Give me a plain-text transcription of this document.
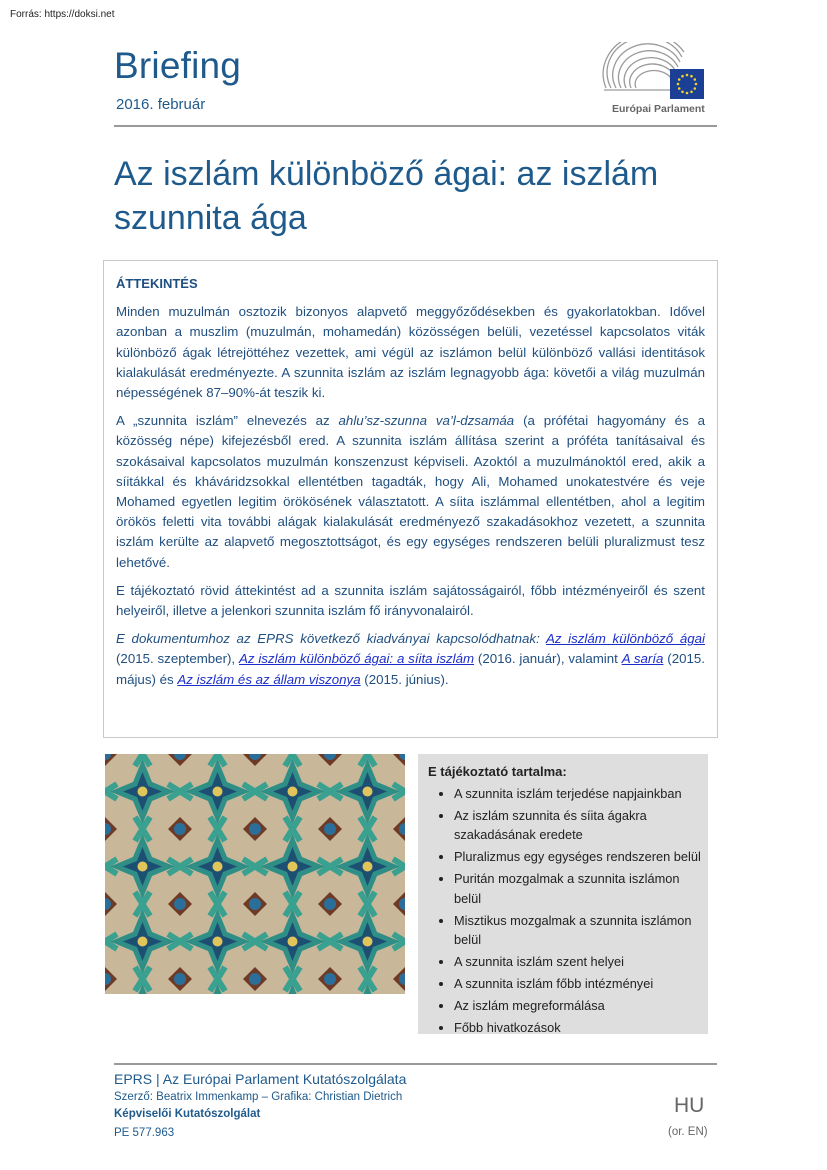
Forrás: https://doksi.net
Briefing
2016. február	Európai Parlament
Az iszlám különböző ágai: az iszlám szunnita ága
ÁTTEKINTÉS

Minden muzulmán osztozik bizonyos alapvető meggyőződésekben és gyakorlatokban. Idővel azonban a muszlim (muzulmán, mohamedán) közösségen belüli, vezetéssel kapcsolatos viták különböző ágak létrejöttéhez vezettek, ami végül az iszlámon belül különböző vallási identitások kialakulását eredményezte. A szunnita iszlám az iszlám legnagyobb ága: követői a világ muzulmán népességének 87–90%-át teszik ki.

A „szunnita iszlám” elnevezés az ahlu’sz-szunna va’l-dzsamáa (a prófétai hagyomány és a közösség népe) kifejezésből ered. A szunnita iszlám állítása szerint a próféta tanításaival és szokásaival kapcsolatos muzulmán konszenzust képviseli. Azoktól a muzulmánoktól ered, akik a síitákkal és kháváridzsokkal ellentétben tagadták, hogy Ali, Mohamed unokatestvére és veje Mohamed egyetlen legitim örökösének választatott. A síita iszlámmal ellentétben, ahol a legitim örökös feletti vita további alágak kialakulását eredményező szakadásokhoz vezetett, a szunnita iszlám kerülte az alapvető megosztottságot, és egy egységes rendszeren belüli pluralizmust tesz lehetővé.

E tájékoztató rövid áttekintést ad a szunnita iszlám sajátosságairól, főbb intézményeiről és szent helyeiről, illetve a jelenkori szunnita iszlám fő irányvonalairól.

E dokumentumhoz az EPRS következő kiadványai kapcsolódhatnak: Az iszlám különböző ágai (2015. szeptember), Az iszlám különböző ágai: a síita iszlám (2016. január), valamint A saría (2015. május) és Az iszlám és az állam viszonya (2015. június).

E tájékoztató tartalma:
• A szunnita iszlám terjedése napjainkban
• Az iszlám szunnita és síita ágakra szakadásának eredete
• Pluralizmus egy egységes rendszeren belül
• Puritán mozgalmak a szunnita iszlámon belül
• Misztikus mozgalmak a szunnita iszlámon belül
• A szunnita iszlám szent helyei
• A szunnita iszlám főbb intézményei
• Az iszlám megreformálása
• Főbb hivatkozások
EPRS | Az Európai Parlament Kutatószolgálata
Szerző: Beatrix Immenkamp – Grafika: Christian Dietrich
Képviselői Kutatószolgálat
PE 577.963
HU
(or. EN)
